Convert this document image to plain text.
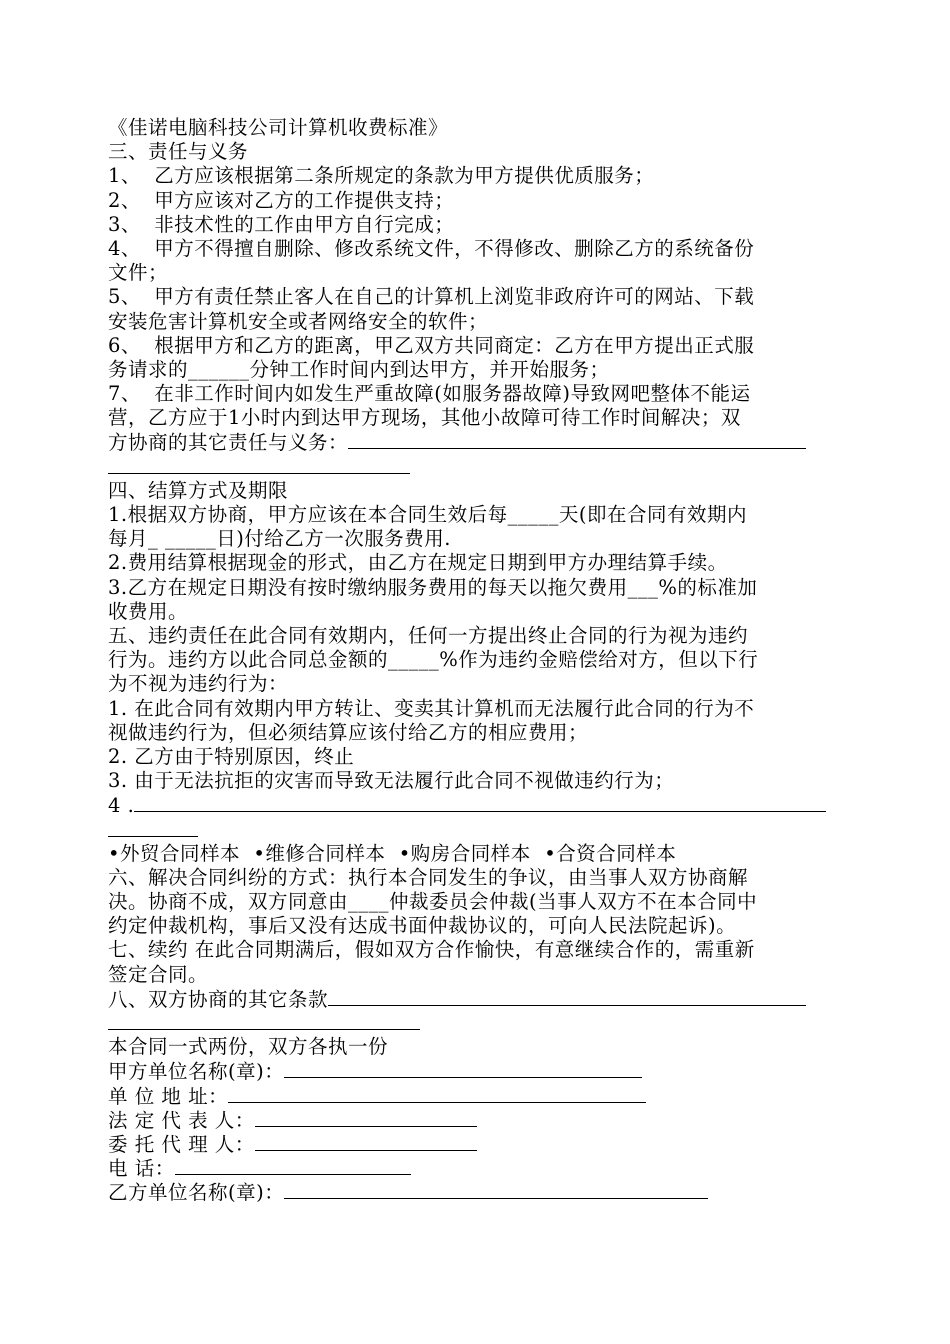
《佳诺电脑科技公司计算机收费标准》
三、责任与义务
1、  乙方应该根据第二条所规定的条款为甲方提供优质服务；
2、  甲方应该对乙方的工作提供支持；
3、  非技术性的工作由甲方自行完成；
4、  甲方不得擅自删除、修改系统文件，不得修改、删除乙方的系统备份
文件；
5、  甲方有责任禁止客人在自己的计算机上浏览非政府许可的网站、下载
安装危害计算机安全或者网络安全的软件；
6、  根据甲方和乙方的距离，甲乙双方共同商定：乙方在甲方提出正式服
务请求的______分钟工作时间内到达甲方，并开始服务；
7、  在非工作时间内如发生严重故障(如服务器故障)导致网吧整体不能运
营，乙方应于1小时内到达甲方现场，其他小故障可待工作时间解决；双
方协商的其它责任与义务：
四、结算方式及期限
1.根据双方协商，甲方应该在本合同生效后每_____天(即在合同有效期内
每月_ _____日)付给乙方一次服务费用.
2.费用结算根据现金的形式，由乙方在规定日期到甲方办理结算手续。
3.乙方在规定日期没有按时缴纳服务费用的每天以拖欠费用___%的标准加
收费用。
五、违约责任在此合同有效期内，任何一方提出终止合同的行为视为违约
行为。违约方以此合同总金额的_____%作为违约金赔偿给对方，但以下行
为不视为违约行为：
1. 在此合同有效期内甲方转让、变卖其计算机而无法履行此合同的行为不
视做违约行为，但必须结算应该付给乙方的相应费用；
2. 乙方由于特别原因，终止
3. 由于无法抗拒的灾害而导致无法履行此合同不视做违约行为；
4 .
•外贸合同样本  •维修合同样本  •购房合同样本  •合资合同样本
六、解决合同纠纷的方式：执行本合同发生的争议，由当事人双方协商解
决。协商不成，双方同意由____仲裁委员会仲裁(当事人双方不在本合同中
约定仲裁机构，事后又没有达成书面仲裁协议的，可向人民法院起诉)。
七、续约 在此合同期满后，假如双方合作愉快，有意继续合作的，需重新
签定合同。
八、双方协商的其它条款
本合同一式两份，双方各执一份
甲方单位名称(章)：
单 位 地 址：
法 定 代 表 人：
委 托 代 理 人：
电 话：
乙方单位名称(章)：
